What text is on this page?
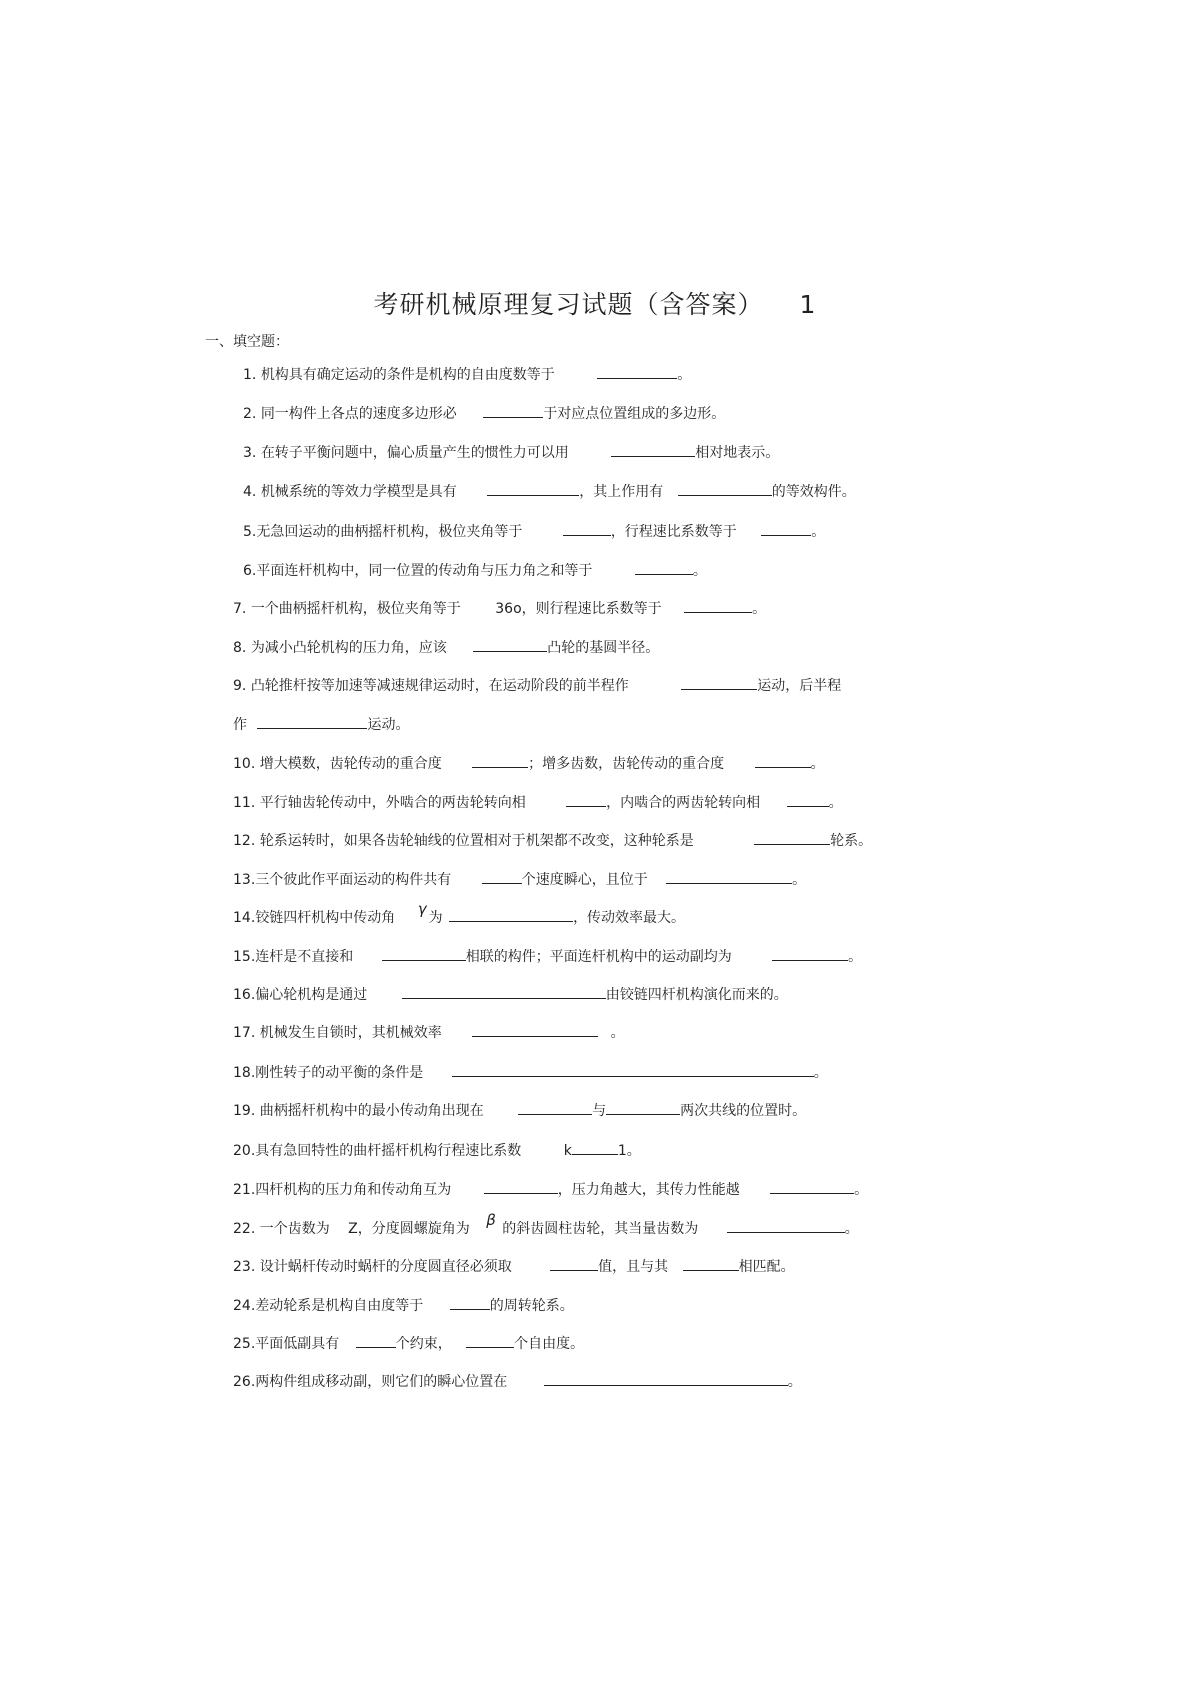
考研机械原理复习试题（含答案） 1
一、填空题：
1. 机构具有确定运动的条件是机构的自由度数等于	。
2. 同一构件上各点的速度多边形必	于对应点位置组成的多边形。
3. 在转子平衡问题中，偏心质量产生的惯性力可以用	相对地表示。
4. 机械系统的等效力学模型是具有	，其上作用有	的等效构件。
5.无急回运动的曲柄摇杆机构，极位夹角等于	，行程速比系数等于	。
6.平面连杆机构中，同一位置的传动角与压力角之和等于	。
7. 一个曲柄摇杆机构，极位夹角等于 36o，则行程速比系数等于	。
8. 为减小凸轮机构的压力角，应该	凸轮的基圆半径。
9. 凸轮推杆按等加速等减速规律运动时，在运动阶段的前半程作	运动，后半程
作	运动。
10. 增大模数，齿轮传动的重合度	；增多齿数，齿轮传动的重合度	。
11. 平行轴齿轮传动中，外啮合的两齿轮转向相	，内啮合的两齿轮转向相	。
12. 轮系运转时，如果各齿轮轴线的位置相对于机架都不改变，这种轮系是	轮系。
13.三个彼此作平面运动的构件共有	个速度瞬心，且位于	。
14.铰链四杆机构中传动角 γ 为	，传动效率最大。
15.连杆是不直接和	相联的构件；平面连杆机构中的运动副均为	。
16.偏心轮机构是通过	由铰链四杆机构演化而来的。
17. 机械发生自锁时，其机械效率	。
18.刚性转子的动平衡的条件是	。
19. 曲柄摇杆机构中的最小传动角出现在	与	两次共线的位置时。
20.具有急回特性的曲杆摇杆机构行程速比系数	k	1。
21.四杆机构的压力角和传动角互为	，压力角越大，其传力性能越	。
22. 一个齿数为 Z，分度圆螺旋角为 β 的斜齿圆柱齿轮，其当量齿数为	。
23. 设计蜗杆传动时蜗杆的分度圆直径必须取	值，且与其	相匹配。
24.差动轮系是机构自由度等于	的周转轮系。
25.平面低副具有	个约束，	个自由度。
26.两构件组成移动副，则它们的瞬心位置在	。
